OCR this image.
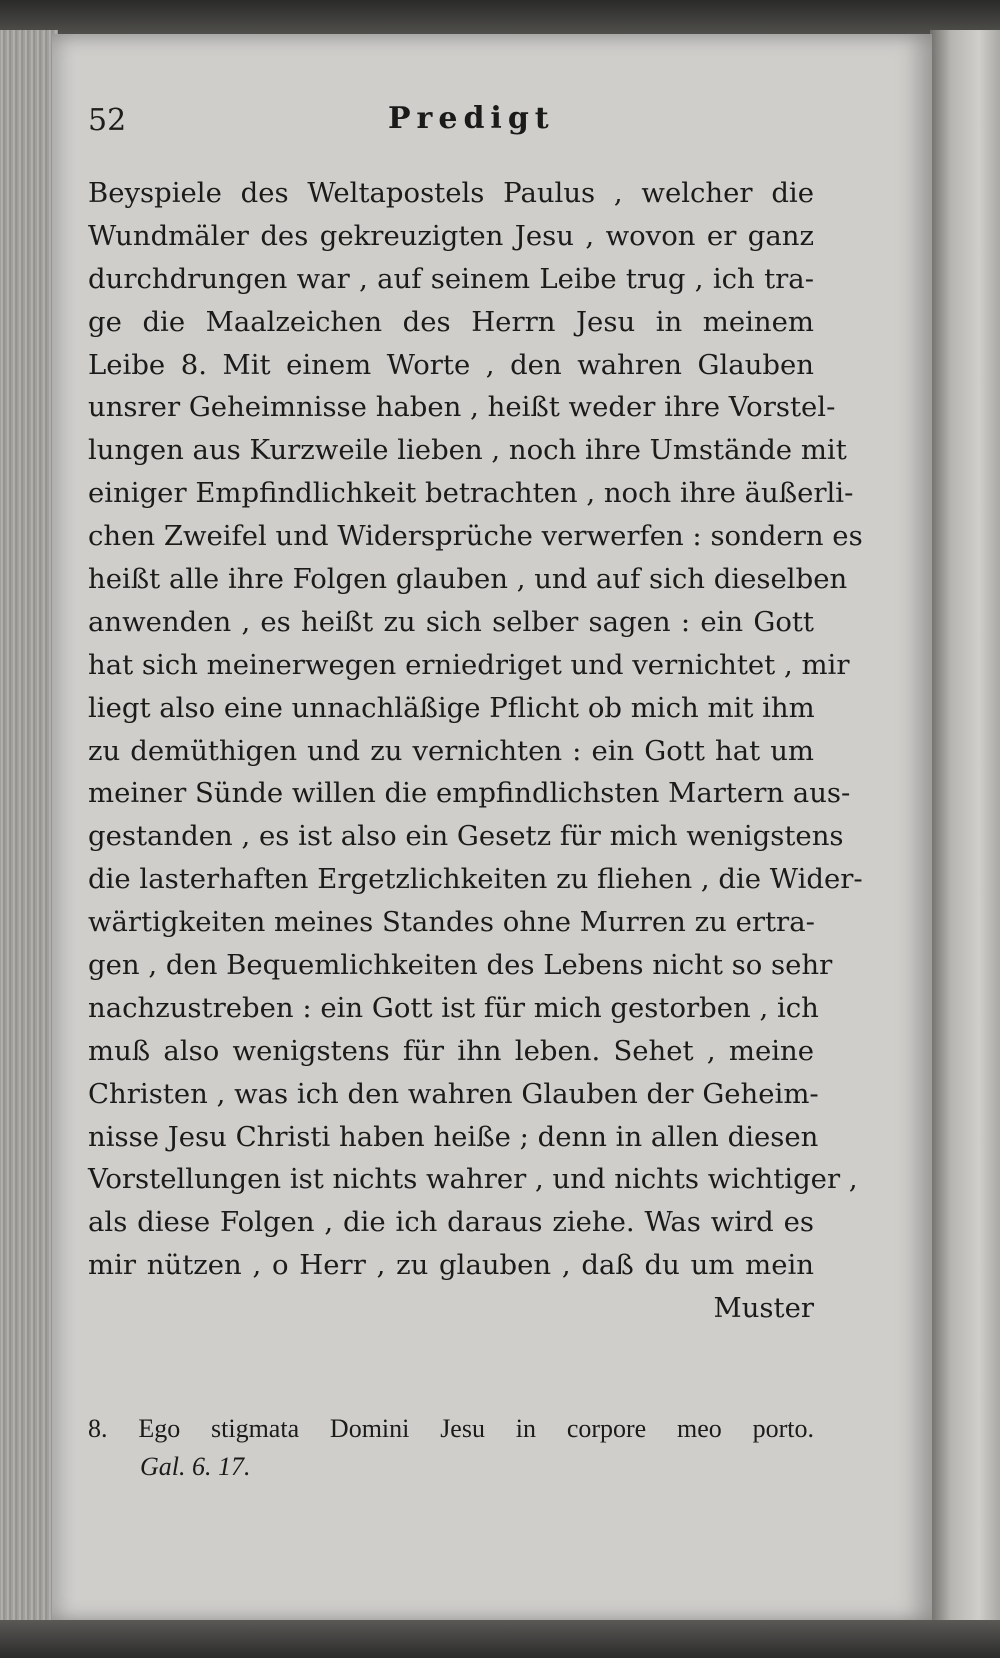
52	Predigt
Beyspiele des Weltapostels Paulus , welcher die
Wundmäler des gekreuzigten Jesu , wovon er ganz
durchdrungen war , auf seinem Leibe trug , ich tra-
ge die Maalzeichen des Herrn Jesu in meinem
Leibe 8. Mit einem Worte , den wahren Glauben
unsrer Geheimnisse haben , heißt weder ihre Vorstel-
lungen aus Kurzweile lieben , noch ihre Umstände mit
einiger Empfindlichkeit betrachten , noch ihre äußerli-
chen Zweifel und Widersprüche verwerfen : sondern es
heißt alle ihre Folgen glauben , und auf sich dieselben
anwenden , es heißt zu sich selber sagen : ein Gott
hat sich meinerwegen erniedriget und vernichtet , mir
liegt also eine unnachläßige Pflicht ob mich mit ihm
zu demüthigen und zu vernichten : ein Gott hat um
meiner Sünde willen die empfindlichsten Martern aus-
gestanden , es ist also ein Gesetz für mich wenigstens
die lasterhaften Ergetzlichkeiten zu fliehen , die Wider-
wärtigkeiten meines Standes ohne Murren zu ertra-
gen , den Bequemlichkeiten des Lebens nicht so sehr
nachzustreben : ein Gott ist für mich gestorben , ich
muß also wenigstens für ihn leben. Sehet , meine
Christen , was ich den wahren Glauben der Geheim-
nisse Jesu Christi haben heiße ; denn in allen diesen
Vorstellungen ist nichts wahrer , und nichts wichtiger ,
als diese Folgen , die ich daraus ziehe. Was wird es
mir nützen , o Herr , zu glauben , daß du um mein
Muster
8. Ego stigmata Domini Jesu in corpore meo porto.
Gal. 6. 17.
